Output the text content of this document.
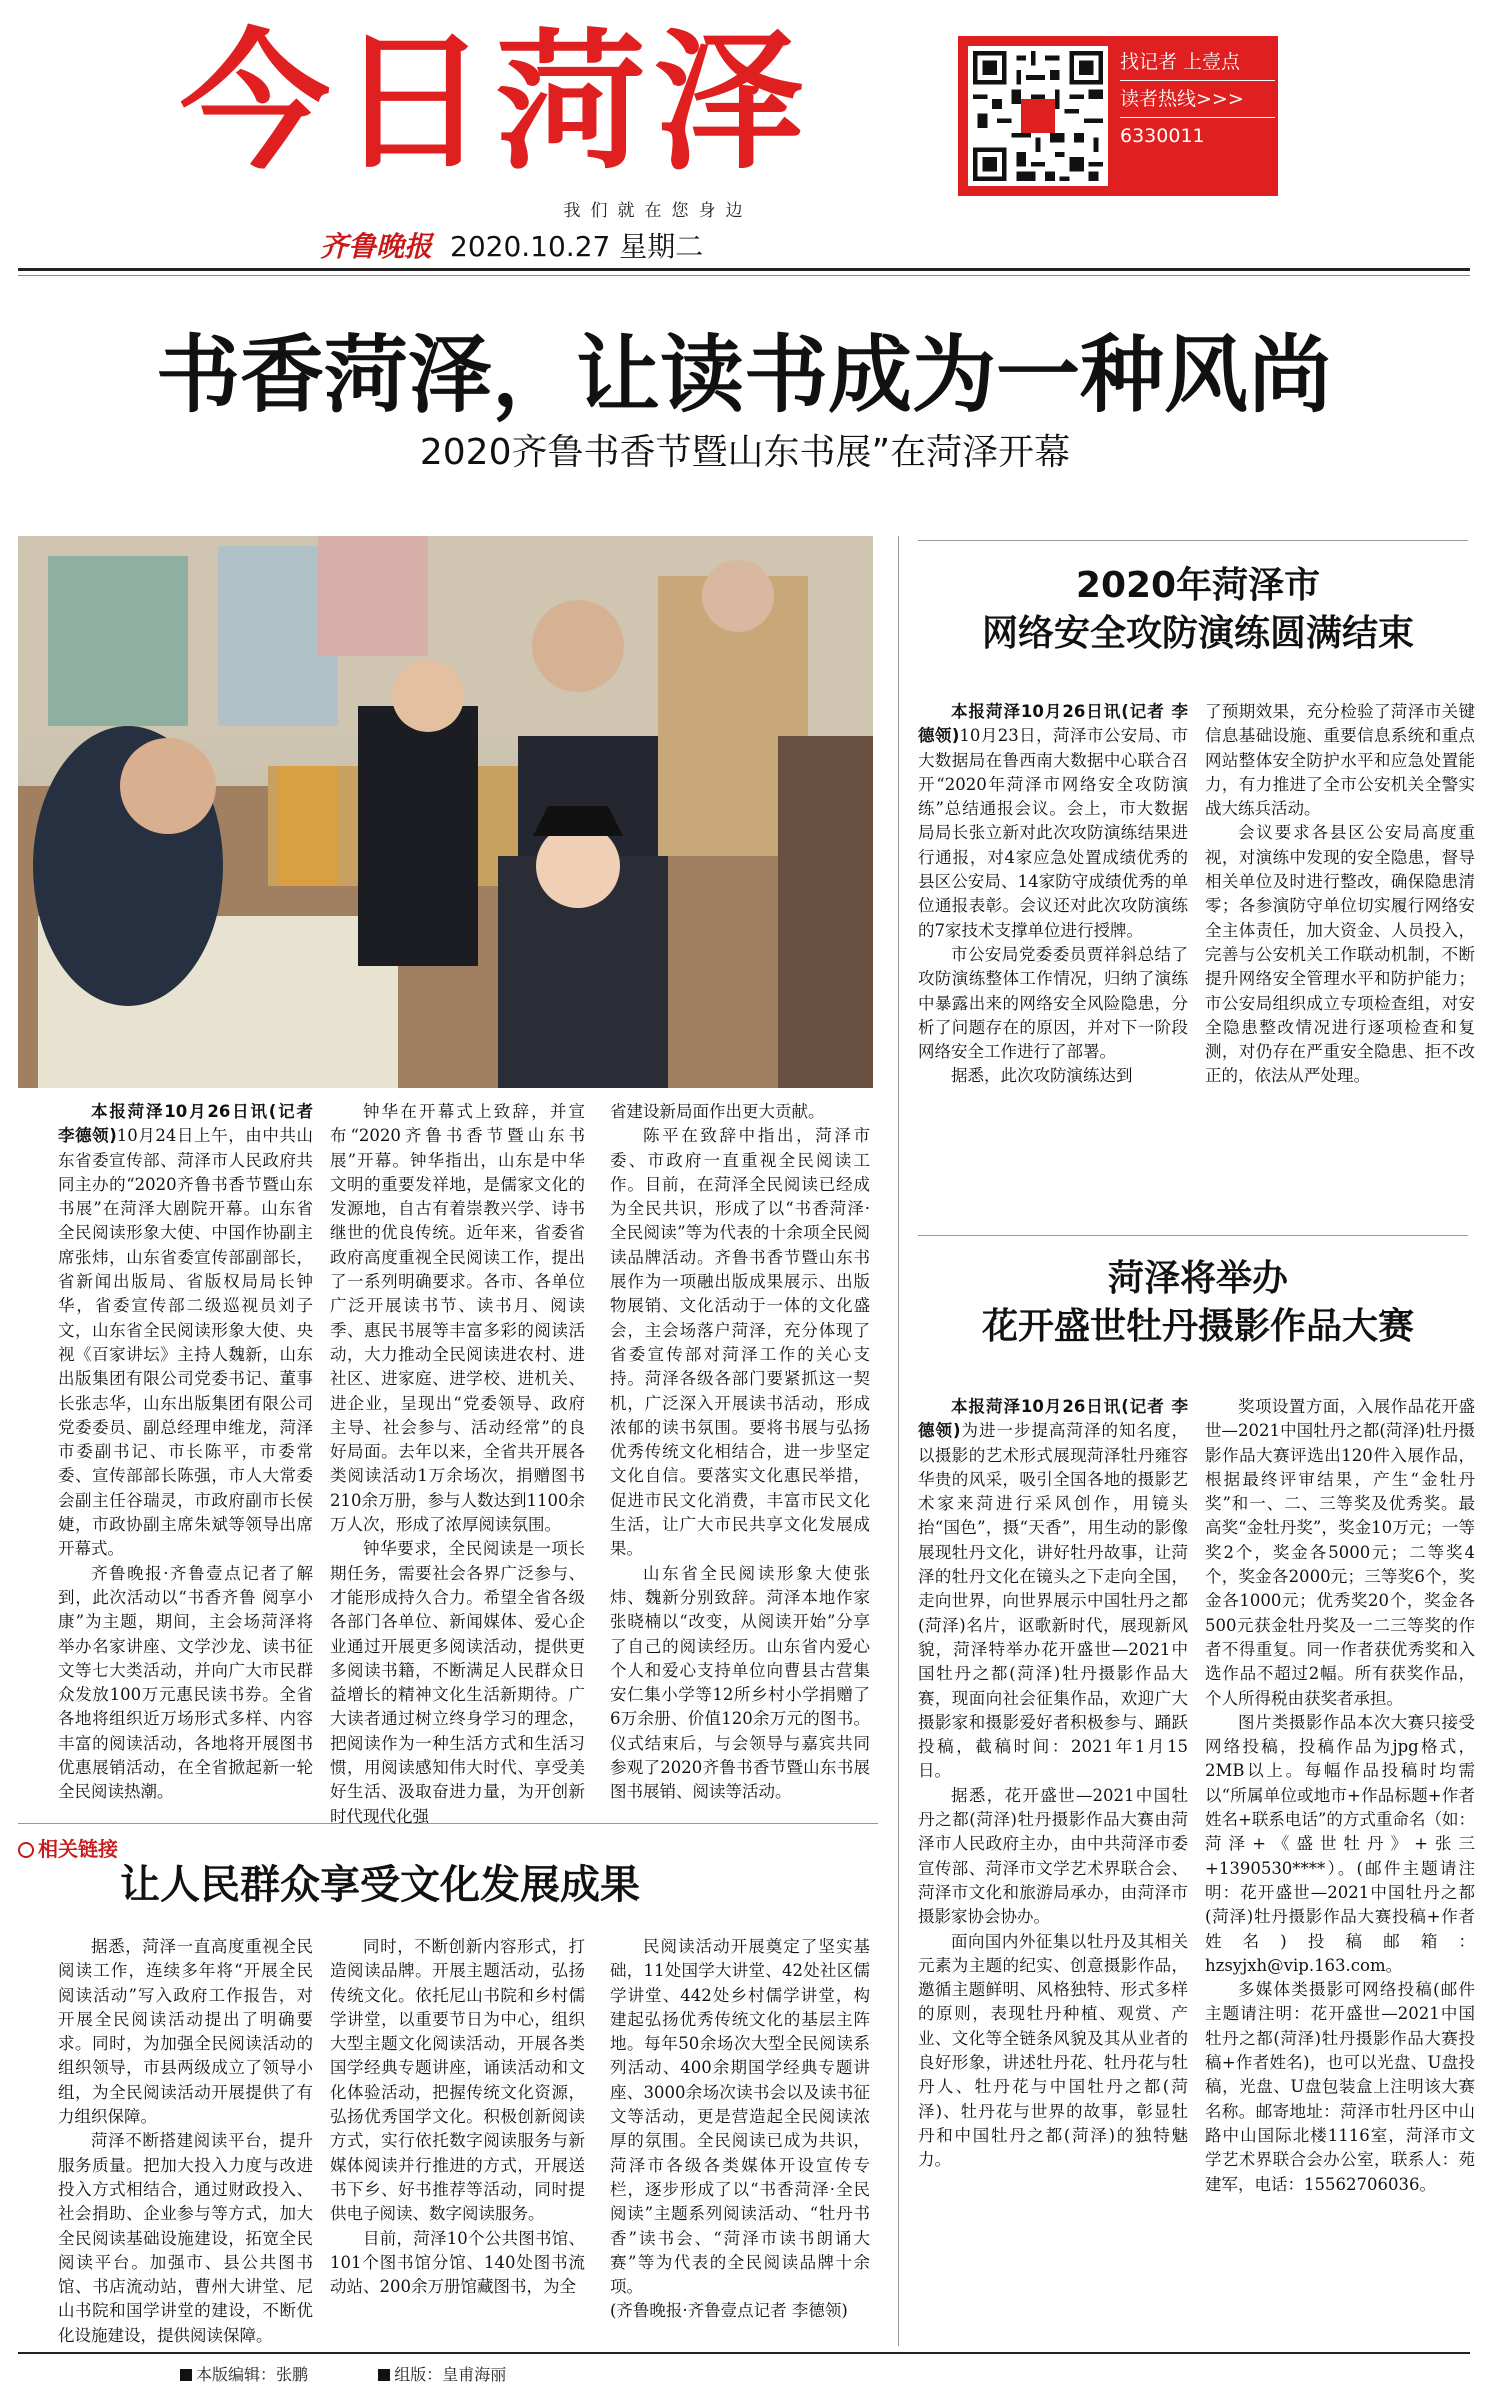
今日菏泽	找记者 上壹点
读者热线>>>
6330011
我们就在您身边
齐鲁晚报 2020.10.27 星期二
书香菏泽，让读书成为一种风尚
2020齐鲁书香节暨山东书展”在菏泽开幕

本报菏泽10月26日讯(记者 李德领)10月24日上午，由中共山东省委宣传部、菏泽市人民政府共同主办的“2020齐鲁书香节暨山东书展”在菏泽大剧院开幕。山东省全民阅读形象大使、中国作协副主席张炜，山东省委宣传部副部长，省新闻出版局、省版权局局长钟华，省委宣传部二级巡视员刘子文，山东省全民阅读形象大使、央视《百家讲坛》主持人魏新，山东出版集团有限公司党委书记、董事长张志华，山东出版集团有限公司党委委员、副总经理申维龙，菏泽市委副书记、市长陈平，市委常委、宣传部部长陈强，市人大常委会副主任谷瑞灵，市政府副市长侯婕，市政协副主席朱斌等领导出席开幕式。

齐鲁晚报·齐鲁壹点记者了解到，此次活动以“书香齐鲁 阅享小康”为主题，期间，主会场菏泽将举办名家讲座、文学沙龙、读书征文等七大类活动，并向广大市民群众发放100万元惠民读书券。全省各地将组织近万场形式多样、内容丰富的阅读活动，各地将开展图书优惠展销活动，在全省掀起新一轮全民阅读热潮。

钟华在开幕式上致辞，并宣布“2020齐鲁书香节暨山东书展”开幕。钟华指出，山东是中华文明的重要发祥地，是儒家文化的发源地，自古有着崇教兴学、诗书继世的优良传统。近年来，省委省政府高度重视全民阅读工作，提出了一系列明确要求。各市、各单位广泛开展读书节、读书月、阅读季、惠民书展等丰富多彩的阅读活动，大力推动全民阅读进农村、进社区、进家庭、进学校、进机关、进企业，呈现出“党委领导、政府主导、社会参与、活动经常”的良好局面。去年以来，全省共开展各类阅读活动1万余场次，捐赠图书210余万册，参与人数达到1100余万人次，形成了浓厚阅读氛围。

钟华要求，全民阅读是一项长期任务，需要社会各界广泛参与、才能形成持久合力。希望全省各级各部门各单位、新闻媒体、爱心企业通过开展更多阅读活动，提供更多阅读书籍，不断满足人民群众日益增长的精神文化生活新期待。广大读者通过树立终身学习的理念，把阅读作为一种生活方式和生活习惯，用阅读感知伟大时代、享受美好生活、汲取奋进力量，为开创新时代现代化强

省建设新局面作出更大贡献。

陈平在致辞中指出，菏泽市委、市政府一直重视全民阅读工作。目前，在菏泽全民阅读已经成为全民共识，形成了以“书香菏泽·全民阅读”等为代表的十余项全民阅读品牌活动。齐鲁书香节暨山东书展作为一项融出版成果展示、出版物展销、文化活动于一体的文化盛会，主会场落户菏泽，充分体现了省委宣传部对菏泽工作的关心支持。菏泽各级各部门要紧抓这一契机，广泛深入开展读书活动，形成浓郁的读书氛围。要将书展与弘扬优秀传统文化相结合，进一步坚定文化自信。要落实文化惠民举措，促进市民文化消费，丰富市民文化生活，让广大市民共享文化发展成果。

山东省全民阅读形象大使张炜、魏新分别致辞。菏泽本地作家张晓楠以“改变，从阅读开始”分享了自己的阅读经历。山东省内爱心个人和爱心支持单位向曹县古营集安仁集小学等12所乡村小学捐赠了6万余册、价值120余万元的图书。仪式结束后，与会领导与嘉宾共同参观了2020齐鲁书香节暨山东书展图书展销、阅读等活动。

相关链接
让人民群众享受文化发展成果

据悉，菏泽一直高度重视全民阅读工作，连续多年将“开展全民阅读活动”写入政府工作报告，对开展全民阅读活动提出了明确要求。同时，为加强全民阅读活动的组织领导，市县两级成立了领导小组，为全民阅读活动开展提供了有力组织保障。

菏泽不断搭建阅读平台，提升服务质量。把加大投入力度与改进投入方式相结合，通过财政投入、社会捐助、企业参与等方式，加大全民阅读基础设施建设，拓宽全民阅读平台。加强市、县公共图书馆、书店流动站，曹州大讲堂、尼山书院和国学讲堂的建设，不断优化设施建设，提供阅读保障。

同时，不断创新内容形式，打造阅读品牌。开展主题活动，弘扬传统文化。依托尼山书院和乡村儒学讲堂，以重要节日为中心，组织大型主题文化阅读活动，开展各类国学经典专题讲座，诵读活动和文化体验活动，把握传统文化资源，弘扬优秀国学文化。积极创新阅读方式，实行依托数字阅读服务与新媒体阅读并行推进的方式，开展送书下乡、好书推荐等活动，同时提供电子阅读、数字阅读服务。

目前，菏泽10个公共图书馆、101个图书馆分馆、140处图书流动站、200余万册馆藏图书，为全

民阅读活动开展奠定了坚实基础，11处国学大讲堂、42处社区儒学讲堂、442处乡村儒学讲堂，构建起弘扬优秀传统文化的基层主阵地。每年50余场次大型全民阅读系列活动、400余期国学经典专题讲座、3000余场次读书会以及读书征文等活动，更是营造起全民阅读浓厚的氛围。全民阅读已成为共识，菏泽市各级各类媒体开设宣传专栏，逐步形成了以“书香菏泽·全民阅读”主题系列阅读活动、“牡丹书香”读书会、“菏泽市读书朗诵大赛”等为代表的全民阅读品牌十余项。

(齐鲁晚报·齐鲁壹点记者 李德领)

2020年菏泽市
网络安全攻防演练圆满结束

本报菏泽10月26日讯(记者 李德领)10月23日，菏泽市公安局、市大数据局在鲁西南大数据中心联合召开“2020年菏泽市网络安全攻防演练”总结通报会议。会上，市大数据局局长张立新对此次攻防演练结果进行通报，对4家应急处置成绩优秀的县区公安局、14家防守成绩优秀的单位通报表彰。会议还对此次攻防演练的7家技术支撑单位进行授牌。

市公安局党委委员贾祥斜总结了攻防演练整体工作情况，归纳了演练中暴露出来的网络安全风险隐患，分析了问题存在的原因，并对下一阶段网络安全工作进行了部署。

据悉，此次攻防演练达到

了预期效果，充分检验了菏泽市关键信息基础设施、重要信息系统和重点网站整体安全防护水平和应急处置能力，有力推进了全市公安机关全警实战大练兵活动。

会议要求各县区公安局高度重视，对演练中发现的安全隐患，督导相关单位及时进行整改，确保隐患清零；各参演防守单位切实履行网络安全主体责任，加大资金、人员投入，完善与公安机关工作联动机制，不断提升网络安全管理水平和防护能力；市公安局组织成立专项检查组，对安全隐患整改情况进行逐项检查和复测，对仍存在严重安全隐患、拒不改正的，依法从严处理。

菏泽将举办
花开盛世牡丹摄影作品大赛

本报菏泽10月26日讯(记者 李德领)为进一步提高菏泽的知名度，以摄影的艺术形式展现菏泽牡丹雍容华贵的风采，吸引全国各地的摄影艺术家来菏进行采风创作，用镜头抬“国色”，摄“天香”，用生动的影像展现牡丹文化，讲好牡丹故事，让菏泽的牡丹文化在镜头之下走向全国，走向世界，向世界展示中国牡丹之都(菏泽)名片，讴歌新时代，展现新风貌，菏泽特举办花开盛世—2021中国牡丹之都(菏泽)牡丹摄影作品大赛，现面向社会征集作品，欢迎广大摄影家和摄影爱好者积极参与、踊跃投稿，截稿时间：2021年1月15日。

据悉，花开盛世—2021中国牡丹之都(菏泽)牡丹摄影作品大赛由菏泽市人民政府主办，由中共菏泽市委宣传部、菏泽市文学艺术界联合会、菏泽市文化和旅游局承办，由菏泽市摄影家协会协办。

面向国内外征集以牡丹及其相关元素为主题的纪实、创意摄影作品，邀循主题鲜明、风格独特、形式多样的原则，表现牡丹种植、观赏、产业、文化等全链条风貌及其从业者的良好形象，讲述牡丹花、牡丹花与牡丹人、牡丹花与中国牡丹之都(菏泽)、牡丹花与世界的故事，彰显牡丹和中国牡丹之都(菏泽)的独特魅力。

奖项设置方面，入展作品花开盛世—2021中国牡丹之都(菏泽)牡丹摄影作品大赛评选出120件入展作品，根据最终评审结果，产生“金牡丹奖”和一、二、三等奖及优秀奖。最高奖“金牡丹奖”，奖金10万元；一等奖2个，奖金各5000元；二等奖4个，奖金各2000元；三等奖6个，奖金各1000元；优秀奖20个，奖金各500元获金牡丹奖及一二三等奖的作者不得重复。同一作者获优秀奖和入选作品不超过2幅。所有获奖作品，个人所得税由获奖者承担。

图片类摄影作品本次大赛只接受网络投稿，投稿作品为jpg格式，2MB以上。每幅作品投稿时均需以“所属单位或地市+作品标题+作者姓名+联系电话”的方式重命名（如：菏泽+《盛世牡丹》+张三+1390530****）。(邮件主题请注明：花开盛世—2021中国牡丹之都(菏泽)牡丹摄影作品大赛投稿+作者姓名)投稿邮箱：hzsyjxh@vip.163.com。

多媒体类摄影可网络投稿(邮件主题请注明：花开盛世—2021中国牡丹之都(菏泽)牡丹摄影作品大赛投稿+作者姓名)，也可以光盘、U盘投稿，光盘、U盘包装盒上注明该大赛名称。邮寄地址：菏泽市牡丹区中山路中山国际北楼1116室，菏泽市文学艺术界联合会办公室，联系人：苑建军，电话：15562706036。

本版编辑：张鹏	组版：皇甫海丽
